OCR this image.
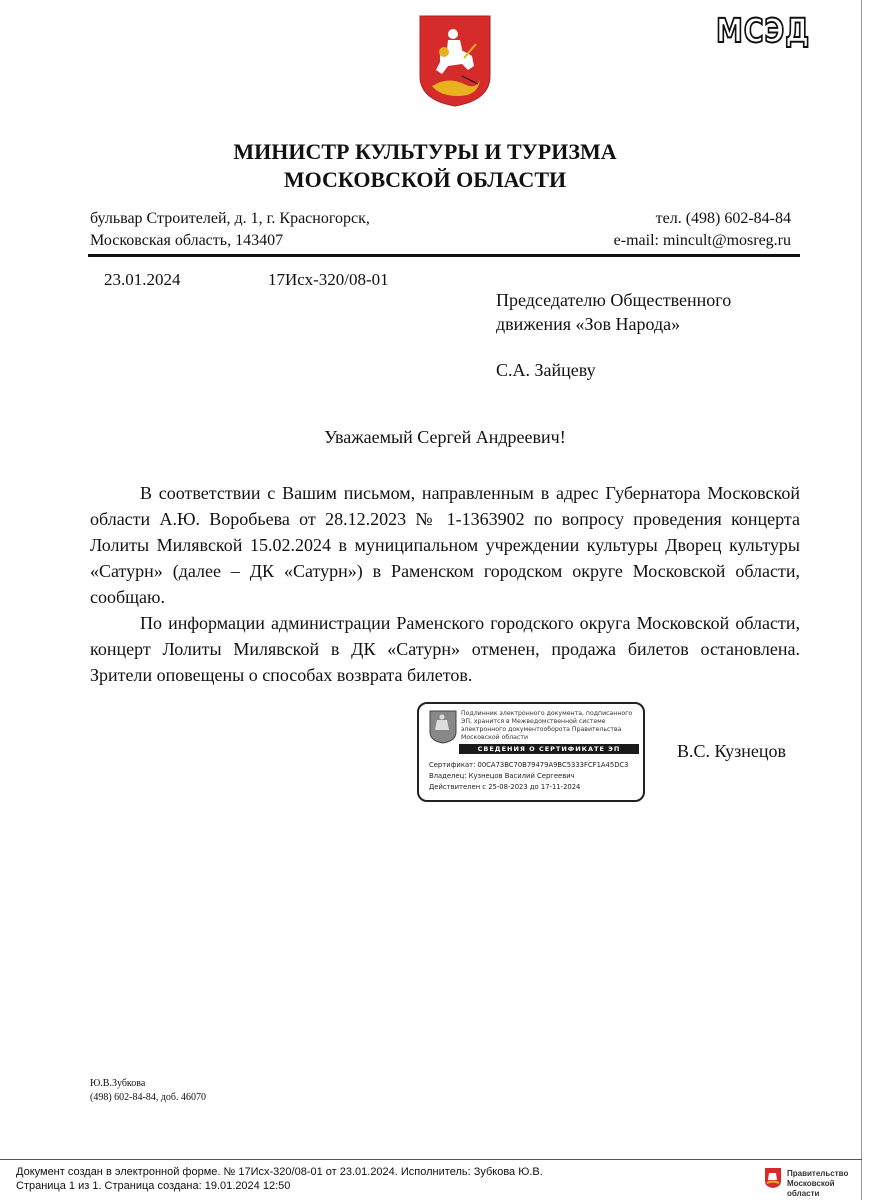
МСЭД
МИНИСТР КУЛЬТУРЫ И ТУРИЗМА
МОСКОВСКОЙ ОБЛАСТИ
бульвар Строителей, д. 1, г. Красногорск,
Московская область, 143407
тел. (498) 602-84-84
e-mail: mincult@mosreg.ru
23.01.2024	17Исх-320/08-01
Председателю Общественного
движения «Зов Народа»
С.А. Зайцеву
Уважаемый Сергей Андреевич!

В соответствии с Вашим письмом, направленным в адрес Губернатора Московской области А.Ю. Воробьева от 28.12.2023 № 1-1363902 по вопросу проведения концерта Лолиты Милявской 15.02.2024 в муниципальном учреждении культуры Дворец культуры «Сатурн» (далее – ДК «Сатурн») в Раменском городском округе Московской области, сообщаю.

По информации администрации Раменского городского округа Московской области, концерт Лолиты Милявской в ДК «Сатурн» отменен, продажа билетов остановлена. Зрители оповещены о способах возврата билетов.

Подлинник электронного документа, подписанного ЭП, хранится в Межведомственной системе электронного документооборота Правительства Московской области
СВЕДЕНИЯ О СЕРТИФИКАТЕ ЭП
Сертификат: 00CA73BC70B79479A9BC5333FCF1A45DC3
Владелец: Кузнецов Василий Сергеевич
Действителен с 25-08-2023 до 17-11-2024
В.С. Кузнецов
Ю.В.Зубкова
(498) 602-84-84, доб. 46070
Документ создан в электронной форме. № 17Исх-320/08-01 от 23.01.2024. Исполнитель: Зубкова Ю.В.
Страница 1 из 1. Страница создана: 19.01.2024 12:50
Правительство
Московской области
